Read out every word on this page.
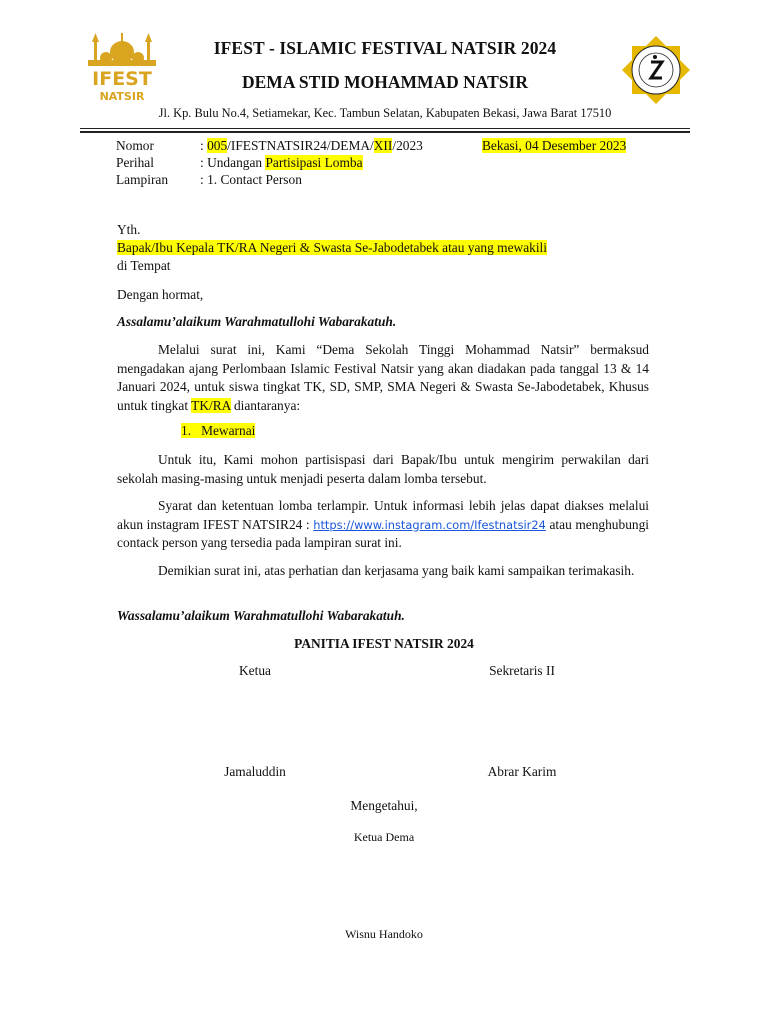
IFEST
NATSIR
IFEST - ISLAMIC FESTIVAL NATSIR 2024
DEMA STID MOHAMMAD NATSIR
Jl. Kp. Bulu No.4, Setiamekar, Kec. Tambun Selatan, Kabupaten Bekasi, Jawa Barat 17510
Nomor	: 005/IFESTNATSIR24/DEMA/XII/2023	Bekasi, 04 Desember 2023
Perihal	: Undangan Partisipasi Lomba
Lampiran : 1. Contact Person
Yth.
Bapak/Ibu Kepala TK/RA Negeri & Swasta Se-Jabodetabek atau yang mewakili
di Tempat
Dengan hormat,
Assalamu’alaikum Warahmatullohi Wabarakatuh.
Melalui surat ini, Kami “Dema Sekolah Tinggi Mohammad Natsir” bermaksud mengadakan ajang Perlombaan Islamic Festival Natsir yang akan diadakan pada tanggal 13 & 14 Januari 2024, untuk siswa tingkat TK, SD, SMP, SMA Negeri & Swasta Se-Jabodetabek, Khusus untuk tingkat TK/RA diantaranya:
1.   Mewarnai
Untuk itu, Kami mohon partisispasi dari Bapak/Ibu untuk mengirim perwakilan dari sekolah masing-masing untuk menjadi peserta dalam lomba tersebut.
Syarat dan ketentuan lomba terlampir. Untuk informasi lebih jelas dapat diakses melalui akun instagram IFEST NATSIR24 : https://www.instagram.com/Ifestnatsir24 atau menghubungi contack person yang tersedia pada lampiran surat ini.
Demikian surat ini, atas perhatian dan kerjasama yang baik kami sampaikan terimakasih.
Wassalamu’alaikum Warahmatullohi Wabarakatuh.
PANITIA IFEST NATSIR 2024
Ketua	Sekretaris II
Jamaluddin	Abrar Karim
Mengetahui,
Ketua Dema
Wisnu Handoko
